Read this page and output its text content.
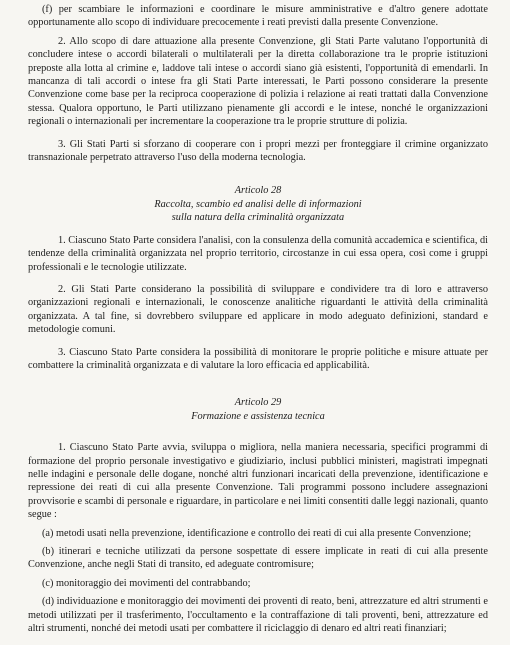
(f) per scambiare le informazioni e coordinare le misure amministrative e d'altro genere adottate opportunamente allo scopo di individuare precocemente i reati previsti dalla presente Convenzione.

2. Allo scopo di dare attuazione alla presente Convenzione, gli Stati Parte valutano l'opportunità di concludere intese o accordi bilaterali o multilaterali per la diretta collaborazione tra le proprie istituzioni preposte alla lotta al crimine e, laddove tali intese o accordi siano già esistenti, l'opportunità di emendarli. In mancanza di tali accordi o intese fra gli Stati Parte interessati, le Parti possono considerare la presente Convenzione come base per la reciproca cooperazione di polizia i relazione ai reati trattati dalla Convenzione stessa. Qualora opportuno, le Parti utilizzano pienamente gli accordi e le intese, nonché le organizzazioni regionali o internazionali per incrementare la cooperazione tra le proprie strutture di polizia.

3. Gli Stati Parti si sforzano di cooperare con i propri mezzi per fronteggiare il crimine organizzato transnazionale perpetrato attraverso l'uso della moderna tecnologia.

Articolo 28
Raccolta, scambio ed analisi delle di informazioni
sulla natura della criminalità organizzata

1. Ciascuno Stato Parte considera l'analisi, con la consulenza della comunità accademica e scientifica, di tendenze della criminalità organizzata nel proprio territorio, circostanze in cui essa opera, così come i gruppi professionali e le tecnologie utilizzate.

2. Gli Stati Parte considerano la possibilità di sviluppare e condividere tra di loro e attraverso organizzazioni regionali e internazionali, le conoscenze analitiche riguardanti le attività della criminalità organizzata. A tal fine, si dovrebbero sviluppare ed applicare in modo adeguato definizioni, standard e metodologie comuni.

3. Ciascuno Stato Parte considera la possibilità di monitorare le proprie politiche e misure attuate per combattere la criminalità organizzata e di valutare la loro efficacia ed applicabilità.

Articolo 29
Formazione e assistenza tecnica

1. Ciascuno Stato Parte avvia, sviluppa o migliora, nella maniera necessaria, specifici programmi di formazione del proprio personale investigativo e giudiziario, inclusi pubblici ministeri, magistrati impegnati nelle indagini e personale delle dogane, nonché altri funzionari incaricati della prevenzione, identificazione e repressione dei reati di cui alla presente Convenzione. Tali programmi possono includere assegnazioni provvisorie e scambi di personale e riguardare, in particolare e nei limiti consentiti dalle leggi nazionali, quanto segue :

(a) metodi usati nella prevenzione, identificazione e controllo dei reati di cui alla presente Convenzione;

(b) itinerari e tecniche utilizzati da persone sospettate di essere implicate in reati di cui alla presente Convenzione, anche negli Stati di transito, ed adeguate contromisure;

(c) monitoraggio dei movimenti del contrabbando;

(d) individuazione e monitoraggio dei movimenti dei proventi di reato, beni, attrezzature ed altri strumenti e metodi utilizzati per il trasferimento, l'occultamento e la contraffazione di tali proventi, beni, attrezzature ed altri strumenti, nonché dei metodi usati per combattere il riciclaggio di denaro ed altri reati finanziari;
